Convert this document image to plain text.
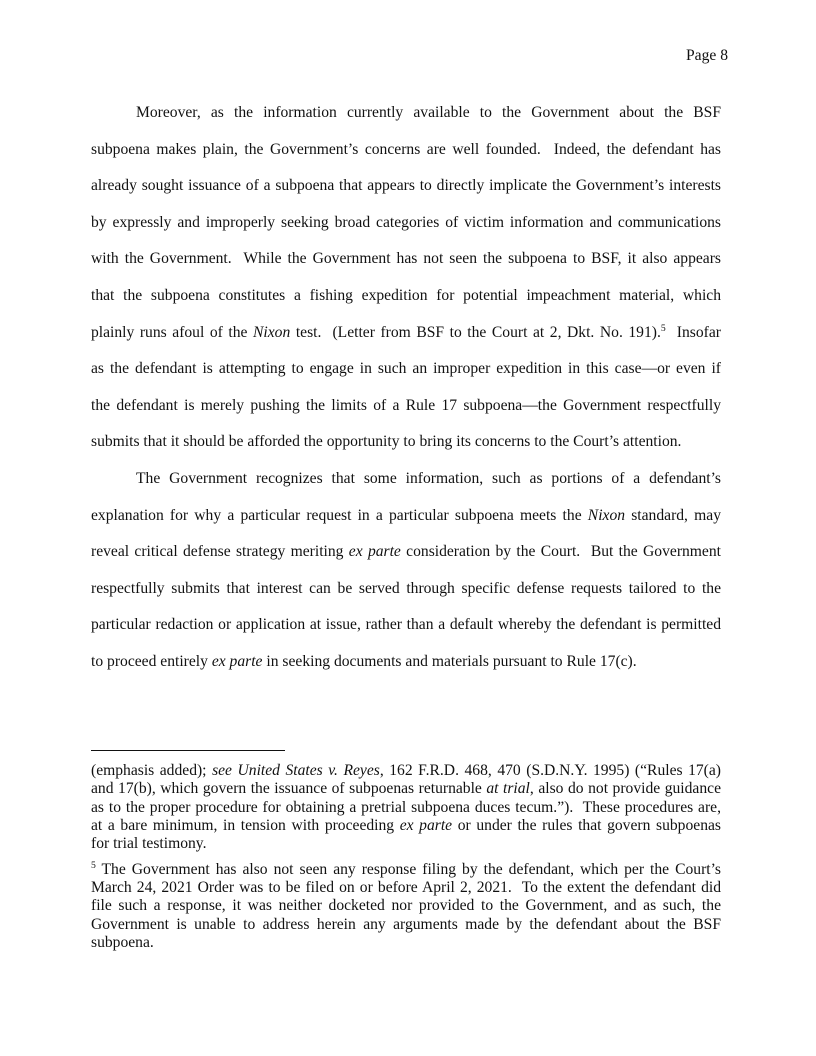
Page 8
Moreover, as the information currently available to the Government about the BSF
subpoena makes plain, the Government’s concerns are well founded.  Indeed, the defendant has
already sought issuance of a subpoena that appears to directly implicate the Government’s interests
by expressly and improperly seeking broad categories of victim information and communications
with the Government.  While the Government has not seen the subpoena to BSF, it also appears
that the subpoena constitutes a fishing expedition for potential impeachment material, which
plainly runs afoul of the Nixon test.  (Letter from BSF to the Court at 2, Dkt. No. 191).$^5$  Insofar
as the defendant is attempting to engage in such an improper expedition in this case—or even if
the defendant is merely pushing the limits of a Rule 17 subpoena—the Government respectfully
submits that it should be afforded the opportunity to bring its concerns to the Court’s attention.
The Government recognizes that some information, such as portions of a defendant’s
explanation for why a particular request in a particular subpoena meets the Nixon standard, may
reveal critical defense strategy meriting ex parte consideration by the Court.  But the Government
respectfully submits that interest can be served through specific defense requests tailored to the
particular redaction or application at issue, rather than a default whereby the defendant is permitted
to proceed entirely ex parte in seeking documents and materials pursuant to Rule 17(c).
(emphasis added); see United States v. Reyes, 162 F.R.D. 468, 470 (S.D.N.Y. 1995) (“Rules 17(a)
and 17(b), which govern the issuance of subpoenas returnable at trial, also do not provide guidance
as to the proper procedure for obtaining a pretrial subpoena duces tecum.”).  These procedures are,
at a bare minimum, in tension with proceeding ex parte or under the rules that govern subpoenas
for trial testimony.
$^5$ The Government has also not seen any response filing by the defendant, which per the Court’s
March 24, 2021 Order was to be filed on or before April 2, 2021.  To the extent the defendant did
file such a response, it was neither docketed nor provided to the Government, and as such, the
Government is unable to address herein any arguments made by the defendant about the BSF
subpoena.
